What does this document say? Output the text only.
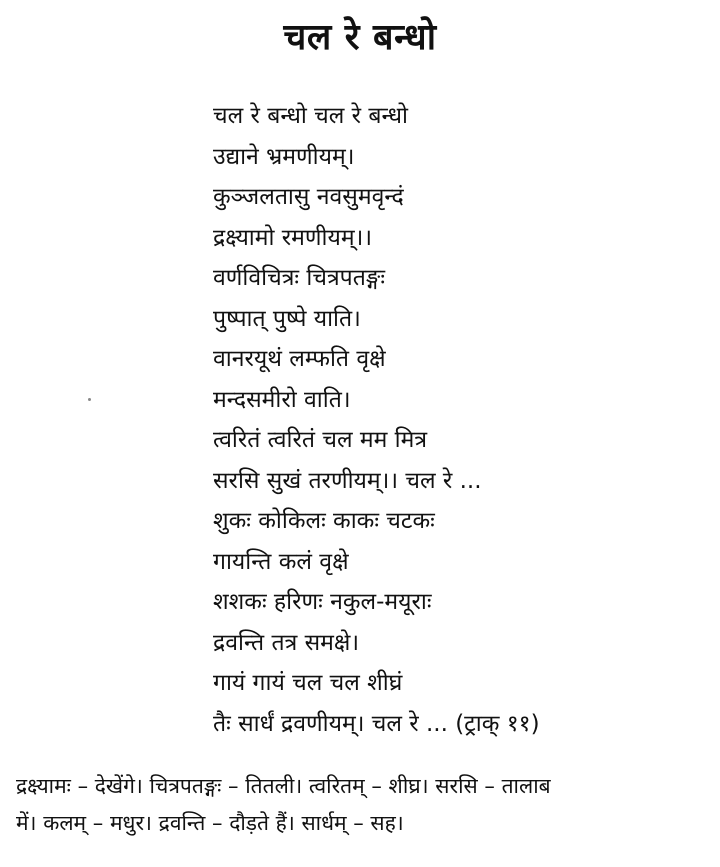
चल रे बन्धो
चल रे बन्धो चल रे बन्धो
उद्याने भ्रमणीयम्।
कुञ्जलतासु नवसुमवृन्दं
द्रक्ष्यामो रमणीयम्।।
वर्णविचित्रः चित्रपतङ्गः
पुष्पात् पुष्पे याति।
वानरयूथं लम्फति वृक्षे
मन्दसमीरो वाति।
त्वरितं त्वरितं चल मम मित्र
सरसि सुखं तरणीयम्।। चल रे ...
शुकः कोकिलः काकः चटकः
गायन्ति कलं वृक्षे
शशकः हरिणः नकुल-मयूराः
द्रवन्ति तत्र समक्षे।
गायं गायं चल चल शीघ्रं
तैः सार्धं द्रवणीयम्। चल रे ... (ट्राक् ११)
द्रक्ष्यामः – देखेंगे। चित्रपतङ्गः – तितली। त्वरितम् – शीघ्र। सरसि – तालाब
में। कलम् – मधुर। द्रवन्ति – दौड़ते हैं। सार्धम् – सह।
